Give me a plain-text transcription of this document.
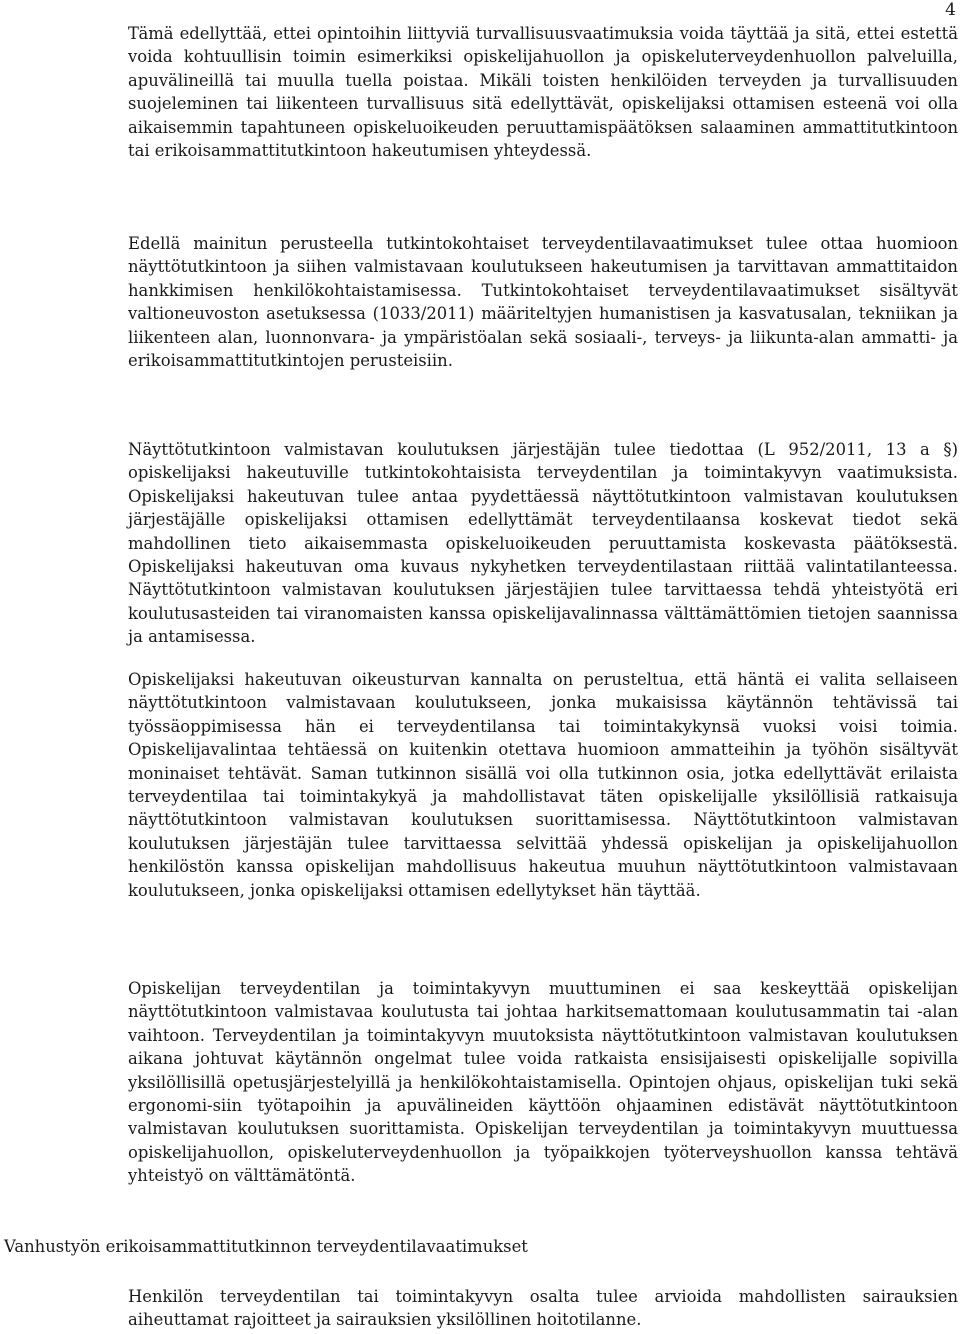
4

Tämä edellyttää, ettei opintoihin liittyviä turvallisuusvaatimuksia voida täyttää ja sitä, ettei estettä voida kohtuullisin toimin esimerkiksi opiskelijahuollon ja opiskeluterveydenhuollon palveluilla, apuvälineillä tai muulla tuella poistaa. Mikäli toisten henkilöiden terveyden ja turvallisuuden suojeleminen tai liikenteen turvallisuus sitä edellyttävät, opiskelijaksi ottamisen esteenä voi olla aikaisemmin tapahtuneen opiskeluoikeuden peruuttamispäätöksen salaaminen ammattitutkintoon tai erikoisammattitutkintoon hakeutumisen yhteydessä.

Edellä mainitun perusteella tutkintokohtaiset terveydentilavaatimukset tulee ottaa huomioon näyttötutkintoon ja siihen valmistavaan koulutukseen hakeutumisen ja tarvittavan ammattitaidon hankkimisen henkilökohtaistamisessa. Tutkintokohtaiset terveydentilavaatimukset sisältyvät valtioneuvoston asetuksessa (1033/2011) määriteltyjen humanistisen ja kasvatusalan, tekniikan ja liikenteen alan, luonnonvara- ja ympäristöalan sekä sosiaali-, terveys- ja liikunta-alan ammatti- ja erikoisammattitutkintojen perusteisiin.

Näyttötutkintoon valmistavan koulutuksen järjestäjän tulee tiedottaa (L 952/2011, 13 a §) opiskelijaksi hakeutuville tutkintokohtaisista terveydentilan ja toimintakyvyn vaatimuksista. Opiskelijaksi hakeutuvan tulee antaa pyydettäessä näyttötutkintoon valmistavan koulutuksen järjestäjälle opiskelijaksi ottamisen edellyttämät terveydentilaansa koskevat tiedot sekä mahdollinen tieto aikaisemmasta opiskeluoikeuden peruuttamista koskevasta päätöksestä. Opiskelijaksi hakeutuvan oma kuvaus nykyhetken terveydentilastaan riittää valintatilanteessa. Näyttötutkintoon valmistavan koulutuksen järjestäjien tulee tarvittaessa tehdä yhteistyötä eri koulutusasteiden tai viranomaisten kanssa opiskelijavalinnassa välttämättömien tietojen saannissa ja antamisessa.

Opiskelijaksi hakeutuvan oikeusturvan kannalta on perusteltua, että häntä ei valita sellaiseen näyttötutkintoon valmistavaan koulutukseen, jonka mukaisissa käytännön tehtävissä tai työssäoppimisessa hän ei terveydentilansa tai toimintakykynsä vuoksi voisi toimia. Opiskelijavalintaa tehtäessä on kuitenkin otettava huomioon ammatteihin ja työhön sisältyvät moninaiset tehtävät. Saman tutkinnon sisällä voi olla tutkinnon osia, jotka edellyttävät erilaista terveydentilaa tai toimintakykyä ja mahdollistavat täten opiskelijalle yksilöllisiä ratkaisuja näyttötutkintoon valmistavan koulutuksen suorittamisessa. Näyttötutkintoon valmistavan koulutuksen järjestäjän tulee tarvittaessa selvittää yhdessä opiskelijan ja opiskelijahuollon henkilöstön kanssa opiskelijan mahdollisuus hakeutua muuhun näyttötutkintoon valmistavaan koulutukseen, jonka opiskelijaksi ottamisen edellytykset hän täyttää.

Opiskelijan terveydentilan ja toimintakyvyn muuttuminen ei saa keskeyttää opiskelijan näyttötutkintoon valmistavaa koulutusta tai johtaa harkitsemattomaan koulutusammatin tai -alan vaihtoon. Terveydentilan ja toimintakyvyn muutoksista näyttötutkintoon valmistavan koulutuksen aikana johtuvat käytännön ongelmat tulee voida ratkaista ensisijaisesti opiskelijalle sopivilla yksilöllisillä opetusjärjestelyillä ja henkilökohtaistamisella. Opintojen ohjaus, opiskelijan tuki sekä ergonomi-siin työtapoihin ja apuvälineiden käyttöön ohjaaminen edistävät näyttötutkintoon valmistavan koulutuksen suorittamista. Opiskelijan terveydentilan ja toimintakyvyn muuttuessa opiskelijahuollon, opiskeluterveydenhuollon ja työpaikkojen työterveyshuollon kanssa tehtävä yhteistyö on välttämätöntä.

Vanhustyön erikoisammattitutkinnon terveydentilavaatimukset

Henkilön terveydentilan tai toimintakyvyn osalta tulee arvioida mahdollisten sairauksien aiheuttamat rajoitteet ja sairauksien yksilöllinen hoitotilanne.
